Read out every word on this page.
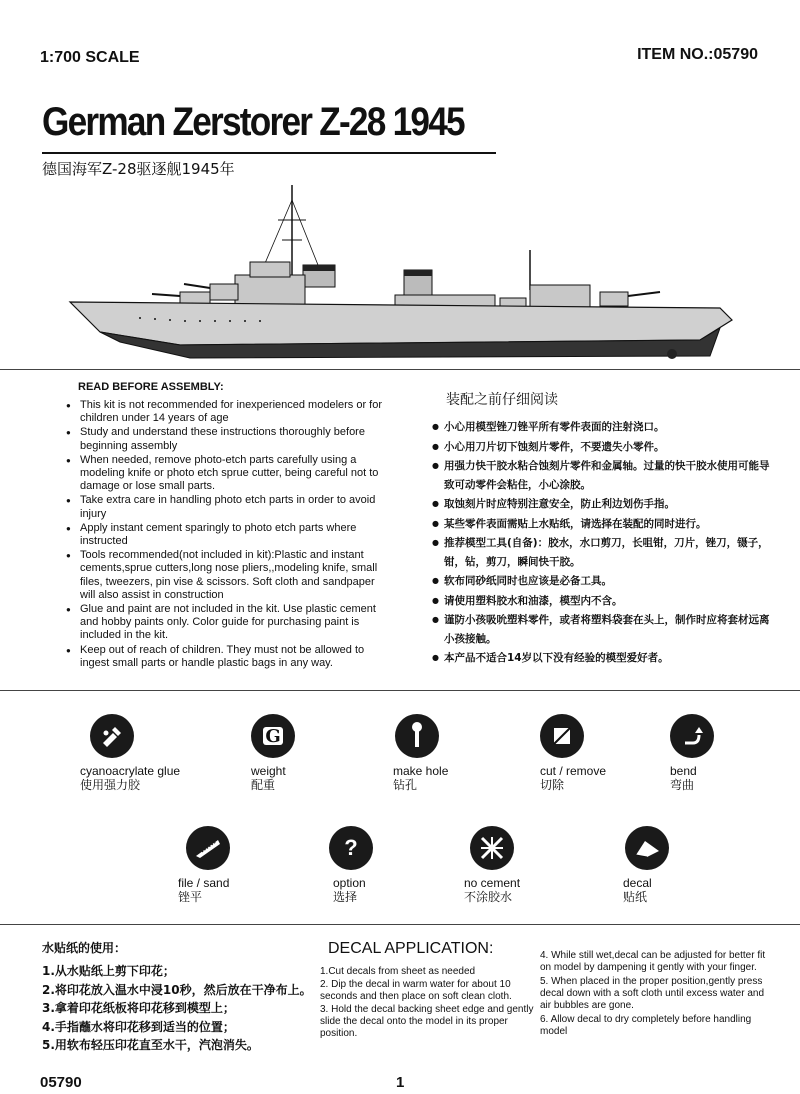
1:700 SCALE	ITEM NO.:05790
German Zerstorer Z-28 1945
德国海军Z-28驱逐舰1945年
READ BEFORE ASSEMBLY:
● This kit is not recommended for inexperienced modelers or for children under 14 years of age
● Study and understand these instructions thoroughly before beginning assembly
● When needed, remove photo-etch parts carefully using a modeling knife or photo etch sprue cutter, being careful not to damage or lose small parts.
● Take extra care in handling photo etch parts in order to avoid injury
● Apply instant cement sparingly to photo etch parts where instructed
● Tools recommended(not included in kit):Plastic and instant cements,sprue cutters,long nose pliers,,modeling knife, small files, tweezers, pin vise & scissors. Soft cloth and sandpaper will also assist in construction
● Glue and paint are not included in the kit. Use plastic cement and hobby paints only. Color guide for purchasing paint is included in the kit.
● Keep out of reach of children. They must not be allowed to ingest small parts or handle plastic bags in any way.
装配之前仔细阅读
● 小心用模型锉刀锉平所有零件表面的注射浇口。
● 小心用刀片切下蚀刻片零件，不要遗失小零件。
● 用强力快干胶水粘合蚀刻片零件和金属轴。过量的快干胶水使用可能导致可动零件会粘住，小心涂胶。
● 取蚀刻片时应特别注意安全，防止利边划伤手指。
● 某些零件表面需贴上水贴纸，请选择在装配的同时进行。
● 推荐模型工具(自备)：胶水，水口剪刀，长咀钳，刀片，锉刀，镊子，钳，钻，剪刀，瞬间快干胶。
● 软布同砂纸同时也应该是必备工具。
● 请使用塑料胶水和油漆，模型内不含。
● 谨防小孩吸吮塑料零件，或者将塑料袋套在头上，制作时应将套材远离小孩接触。
● 本产品不适合14岁以下没有经验的模型爱好者。
cyanoacrylate glue
使用强力胶
G
weight
配重
make hole
钻孔
cut / remove
切除
bend
弯曲
file / sand
锉平
?
option
选择
no cement
不涂胶水
decal
贴纸
水贴纸的使用：
1.从水贴纸上剪下印花；
2.将印花放入温水中浸10秒，然后放在干净布上。
3.拿着印花纸板将印花移到模型上；
4.手指蘸水将印花移到适当的位置；
5.用软布轻压印花直至水干，汽泡消失。
DECAL APPLICATION:
1.Cut decals from sheet as needed
2. Dip the decal in warm water for about 10 seconds and then place on soft clean cloth.
3. Hold the decal backing sheet edge and gently slide the decal onto the model in its proper position.
4. While still wet,decal can be adjusted for better fit on model by dampening it gently with your finger.
5. When placed in the proper position,gently press decal down with a soft cloth until excess water and air bubbles are gone.
6. Allow decal to dry completely before handling model
05790	1
